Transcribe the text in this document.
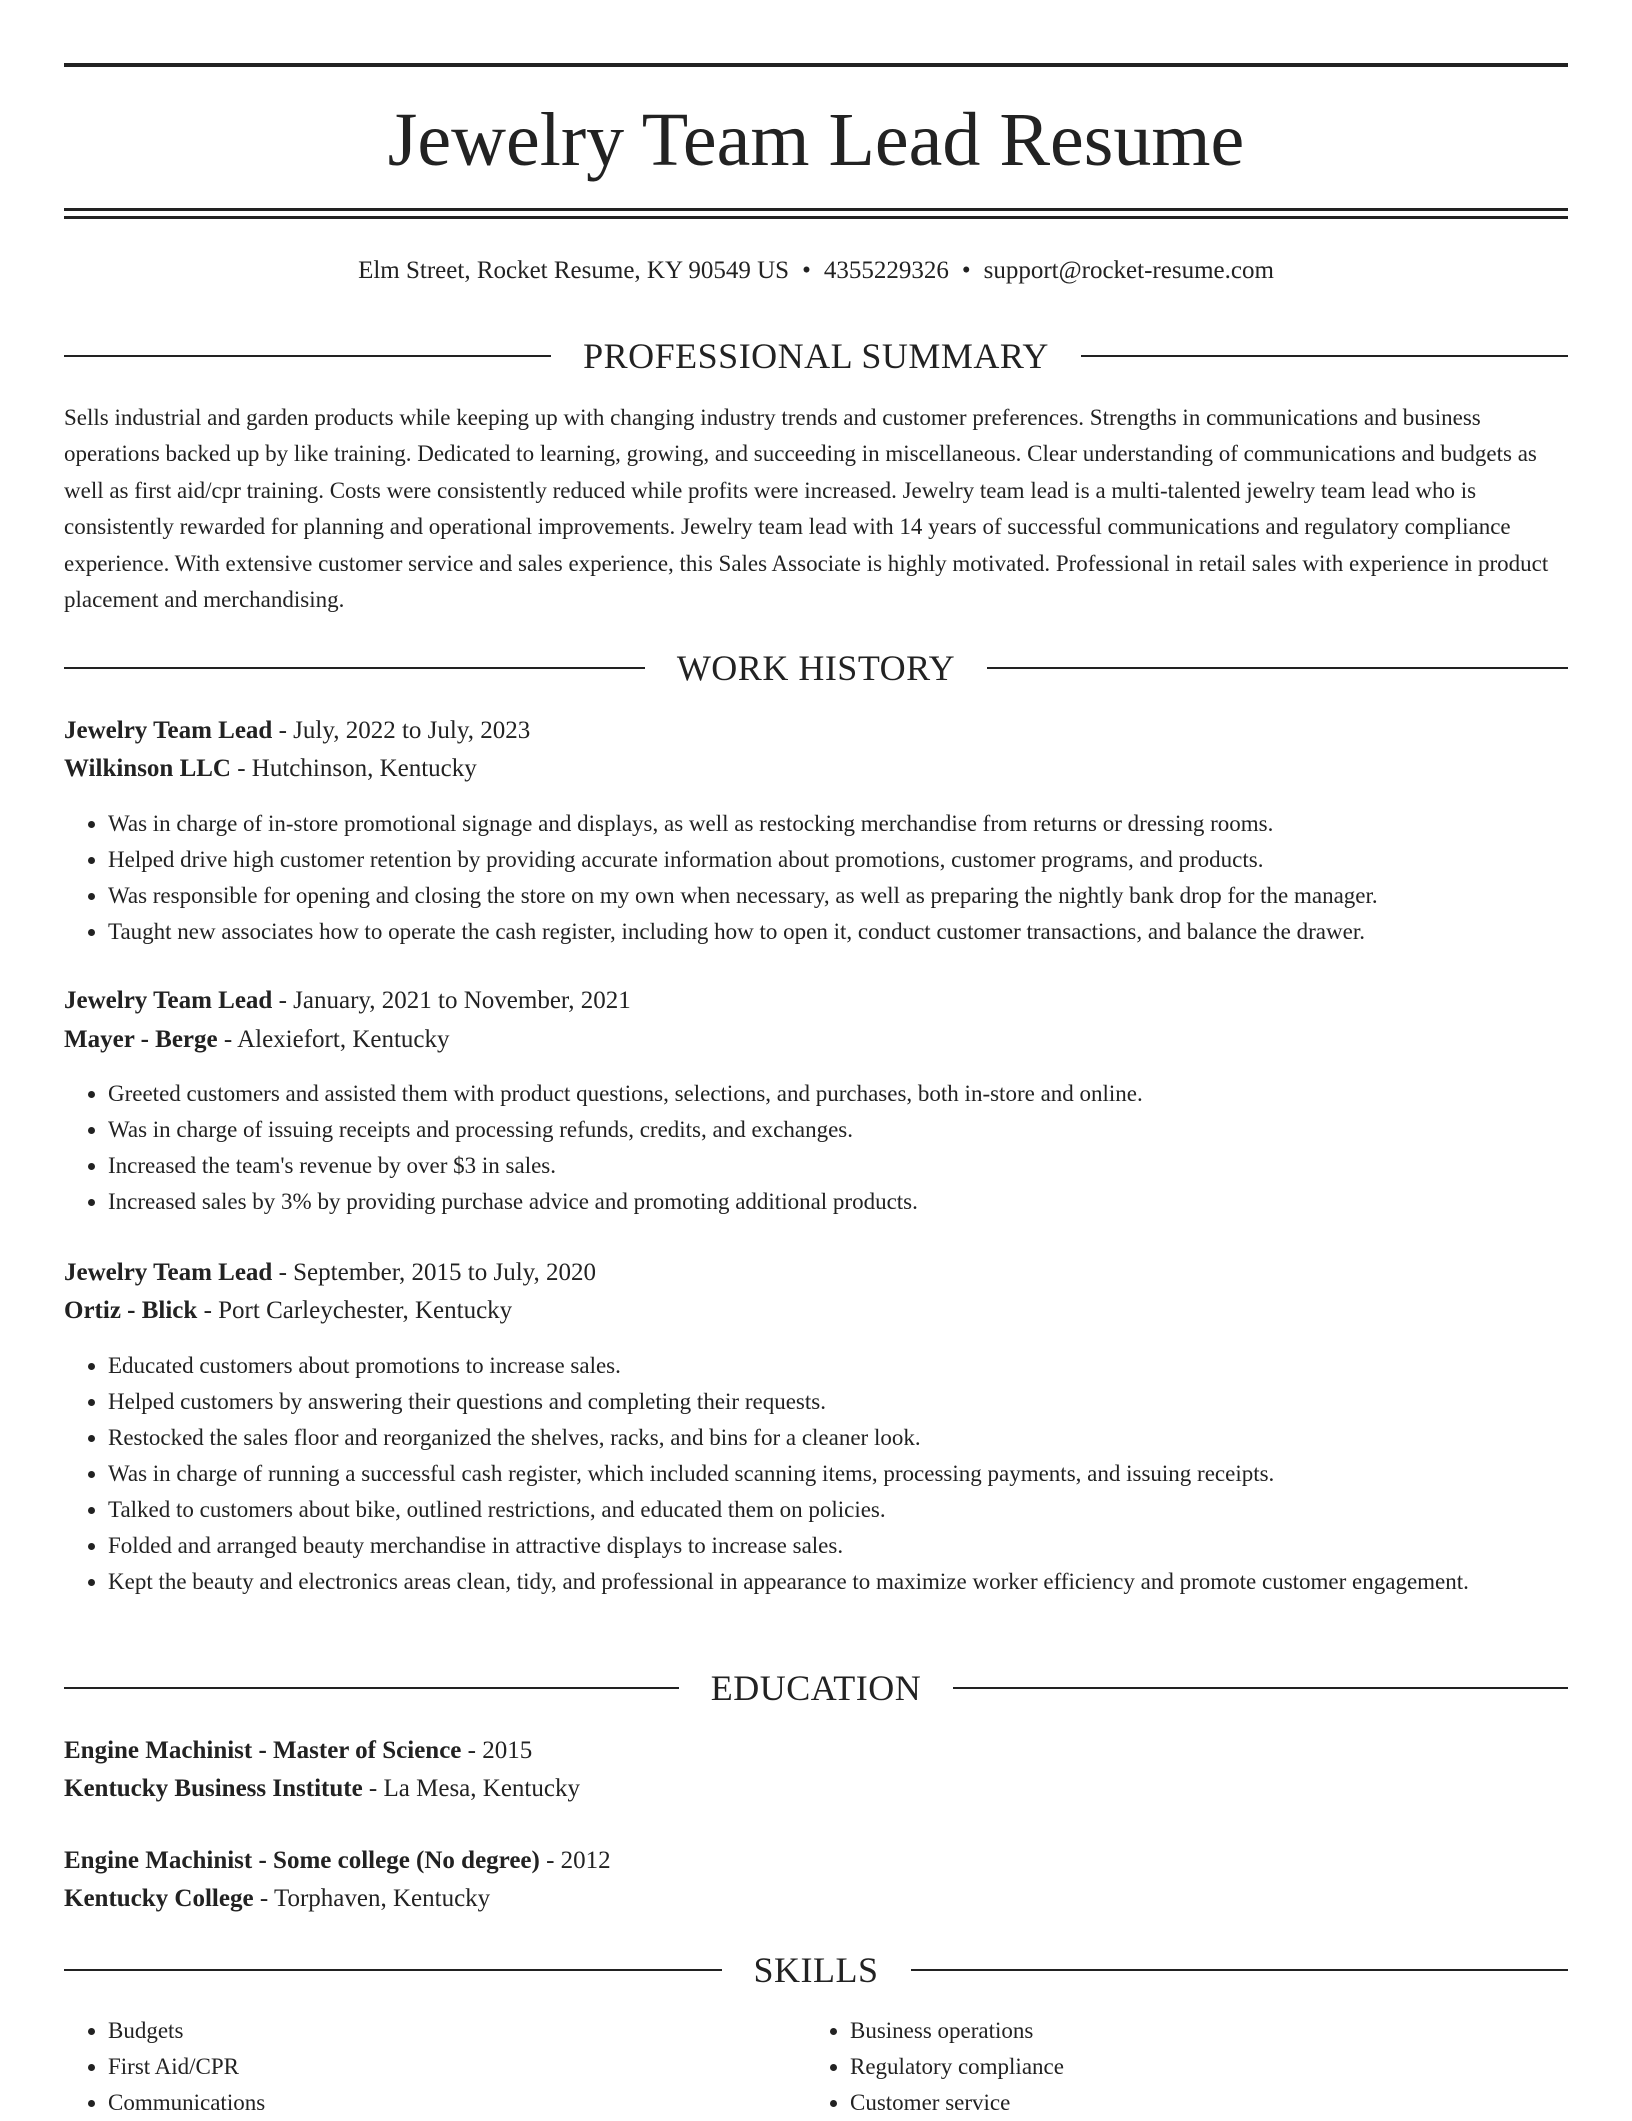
Jewelry Team Lead Resume
Elm Street, Rocket Resume, KY 90549 US • 4355229326 • support@rocket-resume.com
PROFESSIONAL SUMMARY

Sells industrial and garden products while keeping up with changing industry trends and customer preferences. Strengths in communications and business operations backed up by like training. Dedicated to learning, growing, and succeeding in miscellaneous. Clear understanding of communications and budgets as well as first aid/cpr training. Costs were consistently reduced while profits were increased. Jewelry team lead is a multi-talented jewelry team lead who is consistently rewarded for planning and operational improvements. Jewelry team lead with 14 years of successful communications and regulatory compliance experience. With extensive customer service and sales experience, this Sales Associate is highly motivated. Professional in retail sales with experience in product placement and merchandising.

WORK HISTORY
Jewelry Team Lead - July, 2022 to July, 2023
Wilkinson LLC - Hutchinson, Kentucky
• Was in charge of in-store promotional signage and displays, as well as restocking merchandise from returns or dressing rooms.
• Helped drive high customer retention by providing accurate information about promotions, customer programs, and products.
• Was responsible for opening and closing the store on my own when necessary, as well as preparing the nightly bank drop for the manager.
• Taught new associates how to operate the cash register, including how to open it, conduct customer transactions, and balance the drawer.
Jewelry Team Lead - January, 2021 to November, 2021
Mayer - Berge - Alexiefort, Kentucky
• Greeted customers and assisted them with product questions, selections, and purchases, both in-store and online.
• Was in charge of issuing receipts and processing refunds, credits, and exchanges.
• Increased the team's revenue by over $3 in sales.
• Increased sales by 3% by providing purchase advice and promoting additional products.
Jewelry Team Lead - September, 2015 to July, 2020
Ortiz - Blick - Port Carleychester, Kentucky
• Educated customers about promotions to increase sales.
• Helped customers by answering their questions and completing their requests.
• Restocked the sales floor and reorganized the shelves, racks, and bins for a cleaner look.
• Was in charge of running a successful cash register, which included scanning items, processing payments, and issuing receipts.
• Talked to customers about bike, outlined restrictions, and educated them on policies.
• Folded and arranged beauty merchandise in attractive displays to increase sales.
• Kept the beauty and electronics areas clean, tidy, and professional in appearance to maximize worker efficiency and promote customer engagement.
EDUCATION
Engine Machinist - Master of Science - 2015
Kentucky Business Institute - La Mesa, Kentucky
Engine Machinist - Some college (No degree) - 2012
Kentucky College - Torphaven, Kentucky
SKILLS
• Budgets
• First Aid/CPR
• Communications
• Business operations
• Regulatory compliance
• Customer service
